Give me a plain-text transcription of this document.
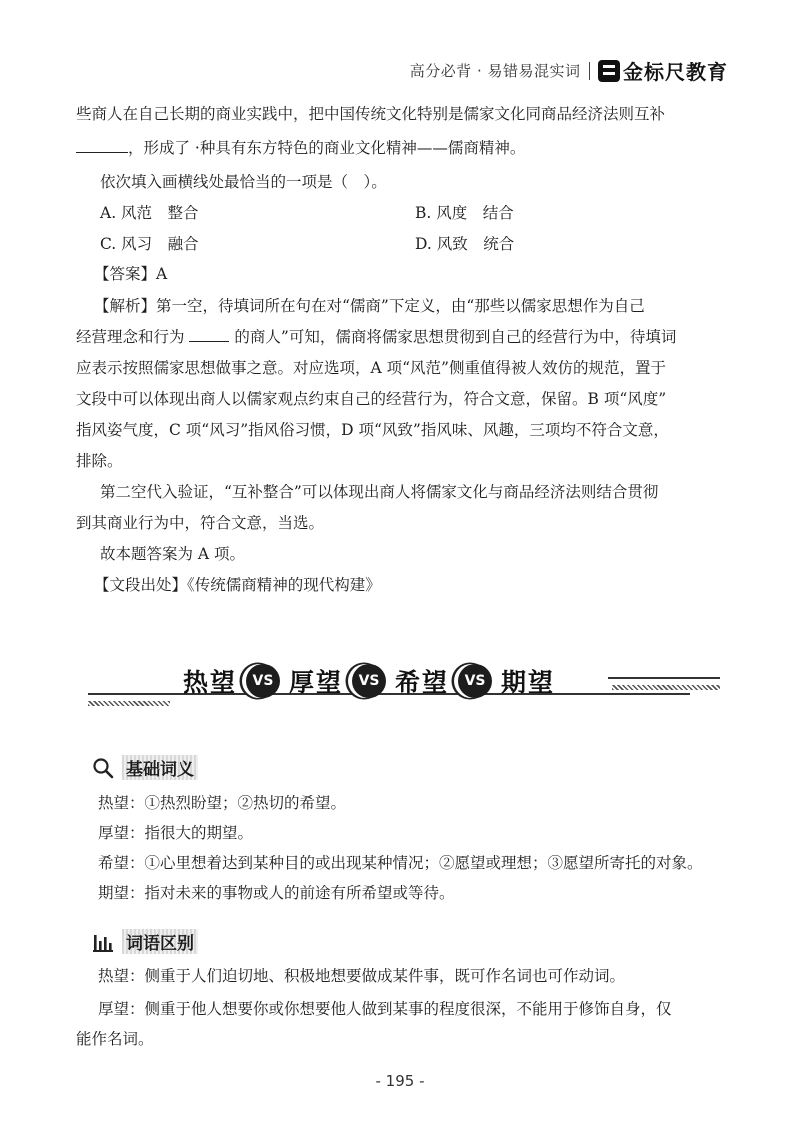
高分必背 · 易错易混实词 金标尺教育
些商人在自己长期的商业实践中，把中国传统文化特别是儒家文化同商品经济法则互补
，形成了 ·种具有东方特色的商业文化精神——儒商精神。
依次填入画横线处最恰当的一项是（　）。
A. 风范　整合	B. 风度　结合
C. 风习　融合	D. 风致　统合
【答案】A
【解析】第一空，待填词所在句在对“儒商”下定义，由“那些以儒家思想作为自己
经营理念和行为	的商人”可知，儒商将儒家思想贯彻到自己的经营行为中，待填词
应表示按照儒家思想做事之意。对应选项，A 项“风范”侧重值得被人效仿的规范，置于
文段中可以体现出商人以儒家观点约束自己的经营行为，符合文意，保留。B 项“风度”
指风姿气度，C 项“风习”指风俗习惯，D 项“风致”指风味、风趣，三项均不符合文意，
排除。
第二空代入验证，“互补整合”可以体现出商人将儒家文化与商品经济法则结合贯彻
到其商业行为中，符合文意，当选。
故本题答案为 A 项。
【文段出处】《传统儒商精神的现代构建》
热望	VS 厚望	VS 希望	VS 期望
基础词义
热望：①热烈盼望；②热切的希望。
厚望：指很大的期望。
希望：①心里想着达到某种目的或出现某种情况；②愿望或理想；③愿望所寄托的对象。
期望：指对未来的事物或人的前途有所希望或等待。
词语区别
热望：侧重于人们迫切地、积极地想要做成某件事，既可作名词也可作动词。
厚望：侧重于他人想要你或你想要他人做到某事的程度很深，不能用于修饰自身，仅
能作名词。
- 195 -
